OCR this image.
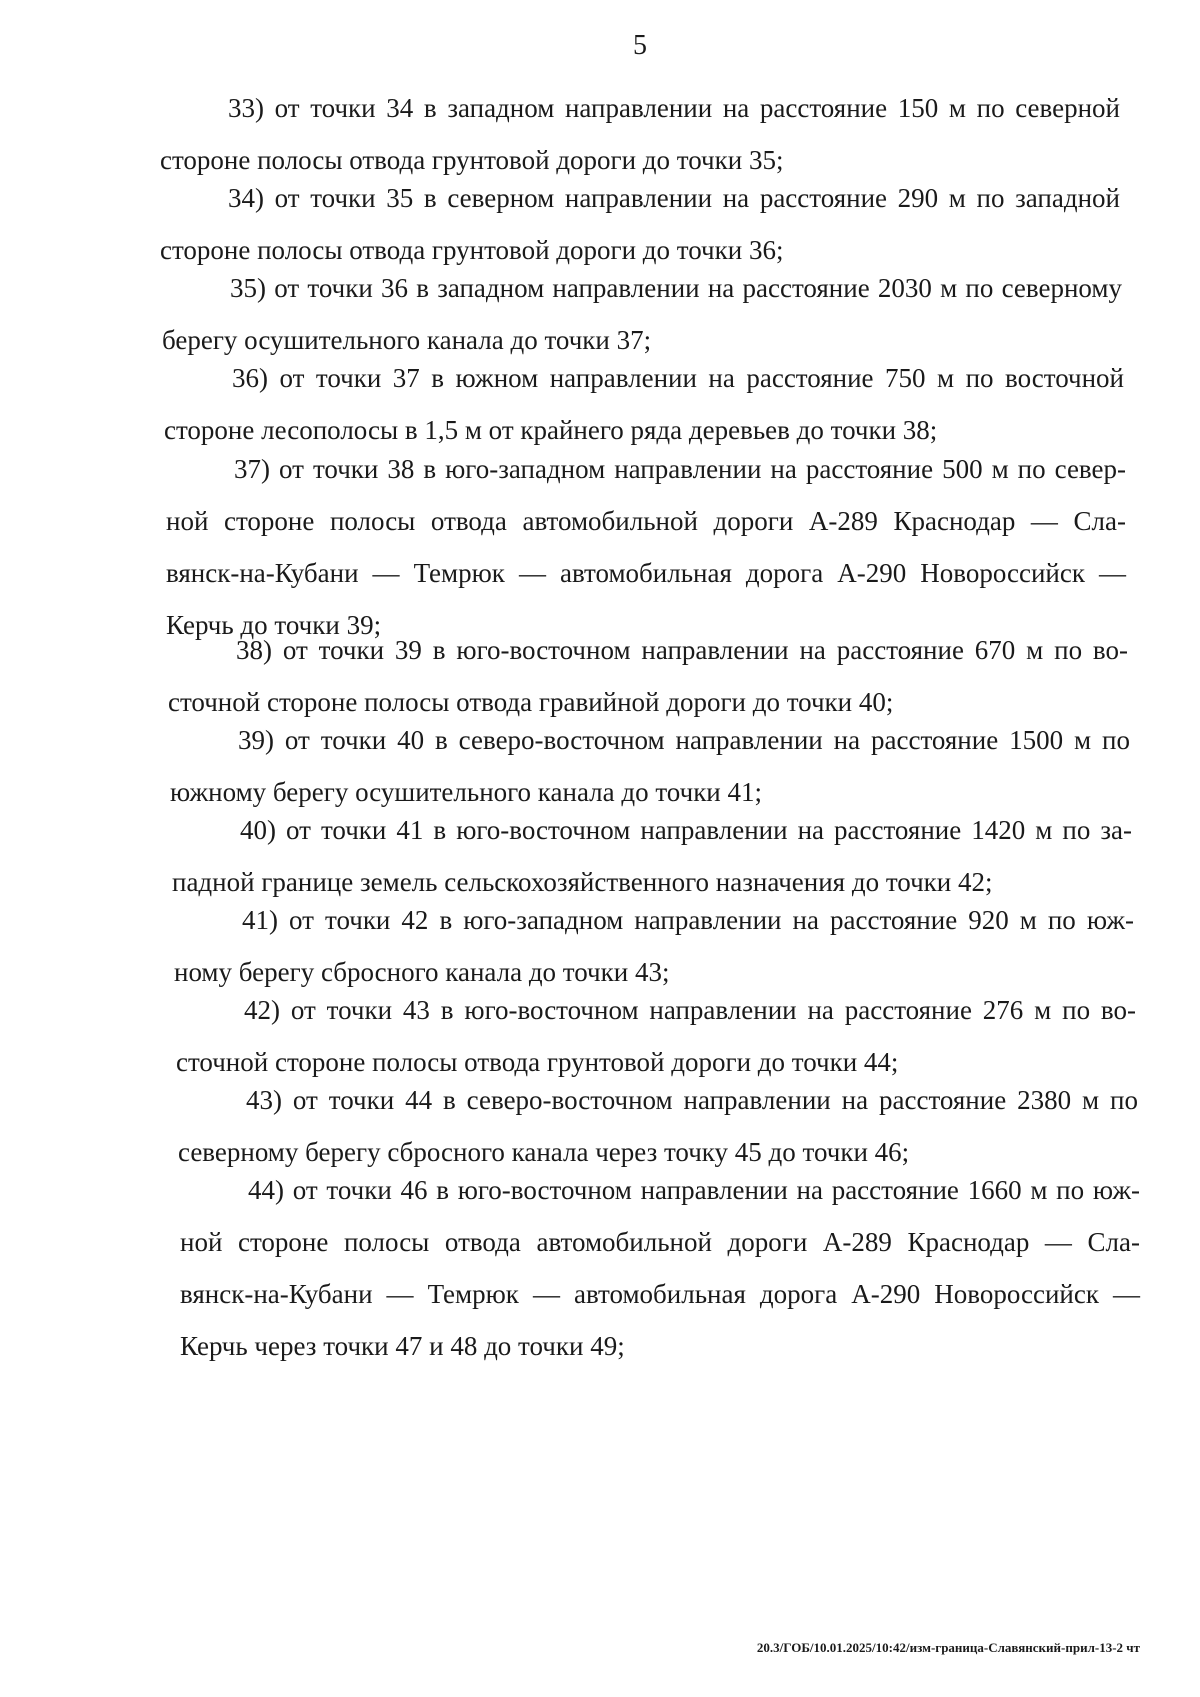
5
33) от точки 34 в западном направлении на расстояние 150 м по северной стороне полосы отвода грунтовой дороги до точки 35;
34) от точки 35 в северном направлении на расстояние 290 м по западной стороне полосы отвода грунтовой дороги до точки 36;
35) от точки 36 в западном направлении на расстояние 2030 м по северному берегу осушительного канала до точки 37;
36) от точки 37 в южном направлении на расстояние 750 м по восточной стороне лесополосы в 1,5 м от крайнего ряда деревьев до точки 38;
37) от точки 38 в юго-западном направлении на расстояние 500 м по север- ной стороне полосы отвода автомобильной дороги А-289 Краснодар — Сла- вянск-на-Кубани — Темрюк — автомобильная дорога А-290 Новороссийск — Керчь до точки 39;
38) от точки 39 в юго-восточном направлении на расстояние 670 м по во- сточной стороне полосы отвода гравийной дороги до точки 40;
39) от точки 40 в северо-восточном направлении на расстояние 1500 м по южному берегу осушительного канала до точки 41;
40) от точки 41 в юго-восточном направлении на расстояние 1420 м по за- падной границе земель сельскохозяйственного назначения до точки 42;
41) от точки 42 в юго-западном направлении на расстояние 920 м по юж- ному берегу сбросного канала до точки 43;
42) от точки 43 в юго-восточном направлении на расстояние 276 м по во- сточной стороне полосы отвода грунтовой дороги до точки 44;
43) от точки 44 в северо-восточном направлении на расстояние 2380 м по северному берегу сбросного канала через точку 45 до точки 46;
44) от точки 46 в юго-восточном направлении на расстояние 1660 м по юж- ной стороне полосы отвода автомобильной дороги А-289 Краснодар — Сла- вянск-на-Кубани — Темрюк — автомобильная дорога А-290 Новороссийск — Керчь через точки 47 и 48 до точки 49;
20.3/ГОБ/10.01.2025/10:42/изм-граница-Славянский-прил-13-2 чт
